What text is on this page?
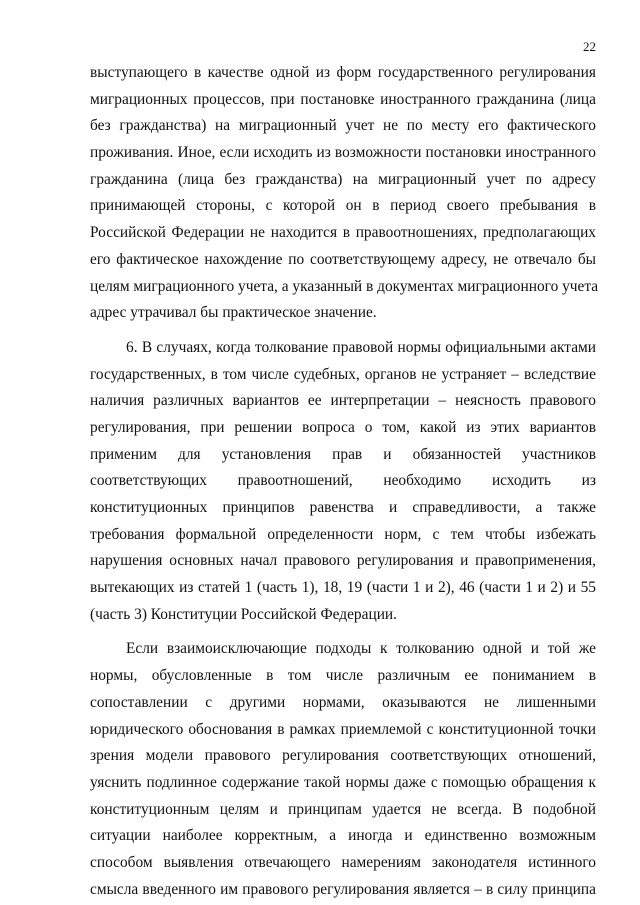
22
выступающего в качестве одной из форм государственного регулирования
миграционных процессов, при постановке иностранного гражданина (лица
без гражданства) на миграционный учет не по месту его фактического
проживания. Иное, если исходить из возможности постановки иностранного
гражданина (лица без гражданства) на миграционный учет по адресу
принимающей стороны, с которой он в период своего пребывания в
Российской Федерации не находится в правоотношениях, предполагающих
его фактическое нахождение по соответствующему адресу, не отвечало бы
целям миграционного учета, а указанный в документах миграционного учета
адрес утрачивал бы практическое значение.
6. В случаях, когда толкование правовой нормы официальными актами
государственных, в том числе судебных, органов не устраняет – вследствие
наличия различных вариантов ее интерпретации – неясность правового
регулирования, при решении вопроса о том, какой из этих вариантов
применим для установления прав и обязанностей участников
соответствующих правоотношений, необходимо исходить из
конституционных принципов равенства и справедливости, а также
требования формальной определенности норм, с тем чтобы избежать
нарушения основных начал правового регулирования и правоприменения,
вытекающих из статей 1 (часть 1), 18, 19 (части 1 и 2), 46 (части 1 и 2) и 55
(часть 3) Конституции Российской Федерации.
Если взаимоисключающие подходы к толкованию одной и той же
нормы, обусловленные в том числе различным ее пониманием в
сопоставлении с другими нормами, оказываются не лишенными
юридического обоснования в рамках приемлемой с конституционной точки
зрения модели правового регулирования соответствующих отношений,
уяснить подлинное содержание такой нормы даже с помощью обращения к
конституционным целям и принципам удается не всегда. В подобной
ситуации наиболее корректным, а иногда и единственно возможным
способом выявления отвечающего намерениям законодателя истинного
смысла введенного им правового регулирования является – в силу принципа
